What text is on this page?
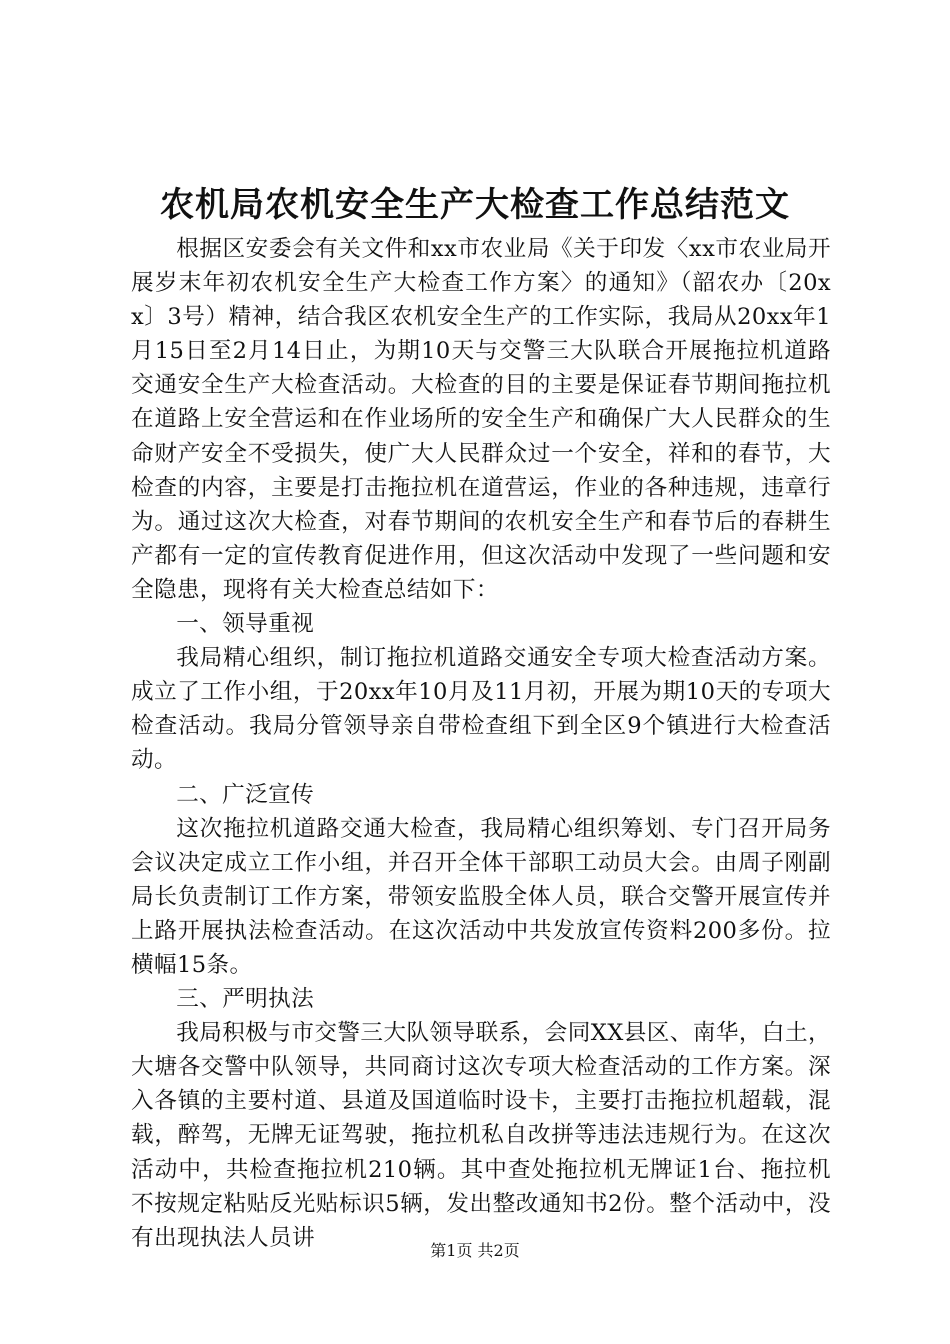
农机局农机安全生产大检查工作总结范文

根据区安委会有关文件和xx市农业局《关于印发〈xx市农业局开展岁末年初农机安全生产大检查工作方案〉的通知》（韶农办〔20xx〕3号）精神，结合我区农机安全生产的工作实际，我局从20xx年1月15日至2月14日止，为期10天与交警三大队联合开展拖拉机道路交通安全生产大检查活动。大检查的目的主要是保证春节期间拖拉机在道路上安全营运和在作业场所的安全生产和确保广大人民群众的生命财产安全不受损失，使广大人民群众过一个安全，祥和的春节，大检查的内容，主要是打击拖拉机在道营运，作业的各种违规，违章行为。通过这次大检查，对春节期间的农机安全生产和春节后的春耕生产都有一定的宣传教育促进作用，但这次活动中发现了一些问题和安全隐患，现将有关大检查总结如下：

一、领导重视

我局精心组织，制订拖拉机道路交通安全专项大检查活动方案。成立了工作小组，于20xx年10月及11月初，开展为期10天的专项大检查活动。我局分管领导亲自带检查组下到全区9个镇进行大检查活动。

二、广泛宣传

这次拖拉机道路交通大检查，我局精心组织筹划、专门召开局务会议决定成立工作小组，并召开全体干部职工动员大会。由周子刚副局长负责制订工作方案，带领安监股全体人员，联合交警开展宣传并上路开展执法检查活动。在这次活动中共发放宣传资料200多份。拉横幅15条。

三、严明执法

我局积极与市交警三大队领导联系，会同XX县区、南华，白土，大塘各交警中队领导，共同商讨这次专项大检查活动的工作方案。深入各镇的主要村道、县道及国道临时设卡，主要打击拖拉机超载，混载，醉驾，无牌无证驾驶，拖拉机私自改拼等违法违规行为。在这次活动中，共检查拖拉机210辆。其中查处拖拉机无牌证1台、拖拉机不按规定粘贴反光贴标识5辆，发出整改通知书2份。整个活动中，没有出现执法人员讲	第1页 共2页
